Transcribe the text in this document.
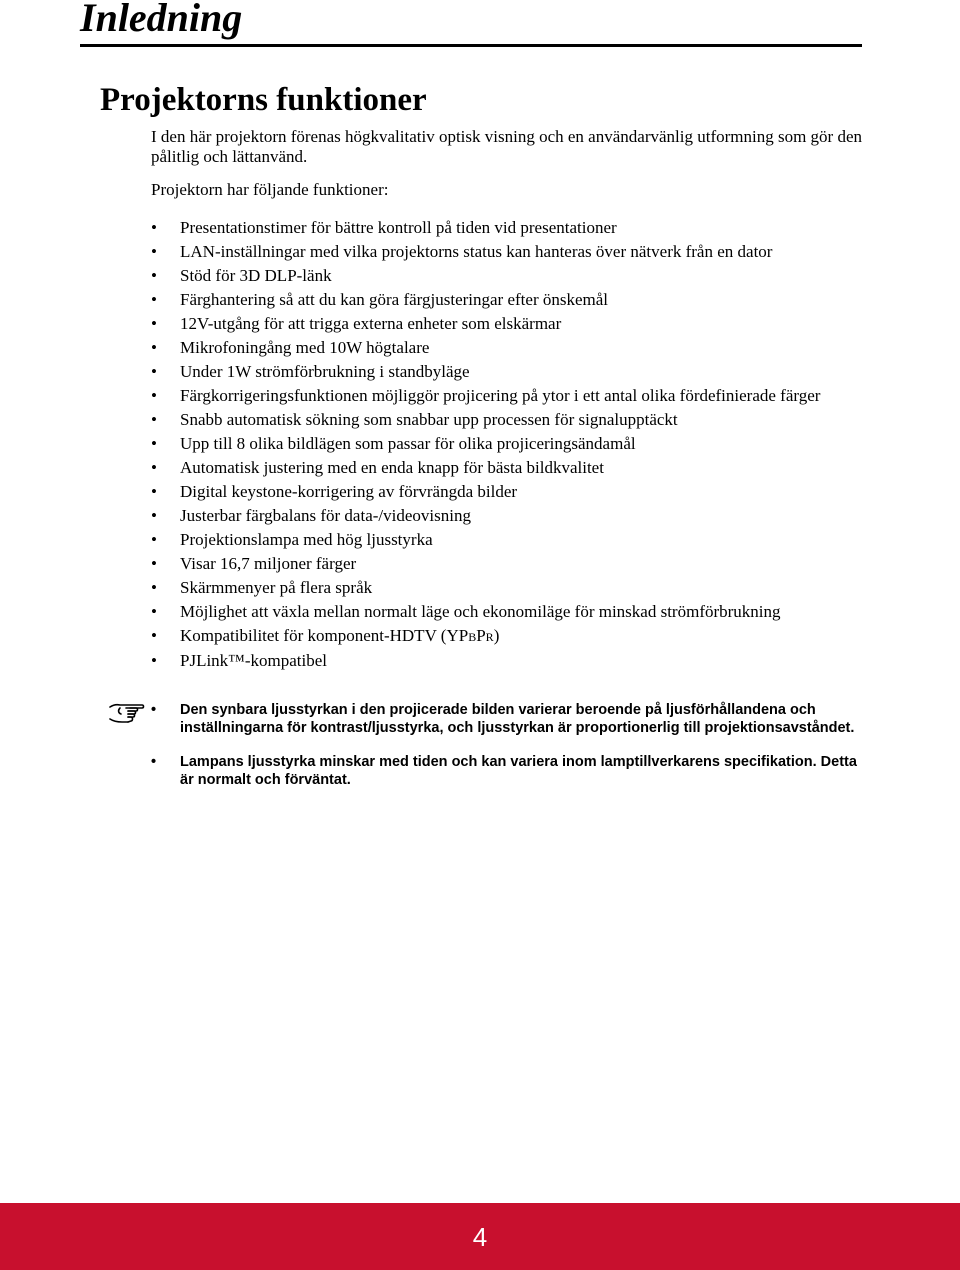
Inledning
Projektorns funktioner

I den här projektorn förenas högkvalitativ optisk visning och en användarvänlig utformning som gör den pålitlig och lättanvänd.

Projektorn har följande funktioner:

• Presentationstimer för bättre kontroll på tiden vid presentationer
• LAN-inställningar med vilka projektorns status kan hanteras över nätverk från en dator
• Stöd för 3D DLP-länk
• Färghantering så att du kan göra färgjusteringar efter önskemål
• 12V-utgång för att trigga externa enheter som elskärmar
• Mikrofoningång med 10W högtalare
• Under 1W strömförbrukning i standbyläge
• Färgkorrigeringsfunktionen möjliggör projicering på ytor i ett antal olika fördefinierade färger
• Snabb automatisk sökning som snabbar upp processen för signalupptäckt
• Upp till 8 olika bildlägen som passar för olika projiceringsändamål
• Automatisk justering med en enda knapp för bästa bildkvalitet
• Digital keystone-korrigering av förvrängda bilder
• Justerbar färgbalans för data-/videovisning
• Projektionslampa med hög ljusstyrka
• Visar 16,7 miljoner färger
• Skärmmenyer på flera språk
• Möjlighet att växla mellan normalt läge och ekonomiläge för minskad strömförbrukning
• Kompatibilitet för komponent-HDTV (YPBPR)
• PJLink™-kompatibel
• Den synbara ljusstyrkan i den projicerade bilden varierar beroende på ljusförhållandena och inställningarna för kontrast/ljusstyrka, och ljusstyrkan är proportionerlig till projektionsavståndet.
• Lampans ljusstyrka minskar med tiden och kan variera inom lamptillverkarens specifikation. Detta är normalt och förväntat.
4
